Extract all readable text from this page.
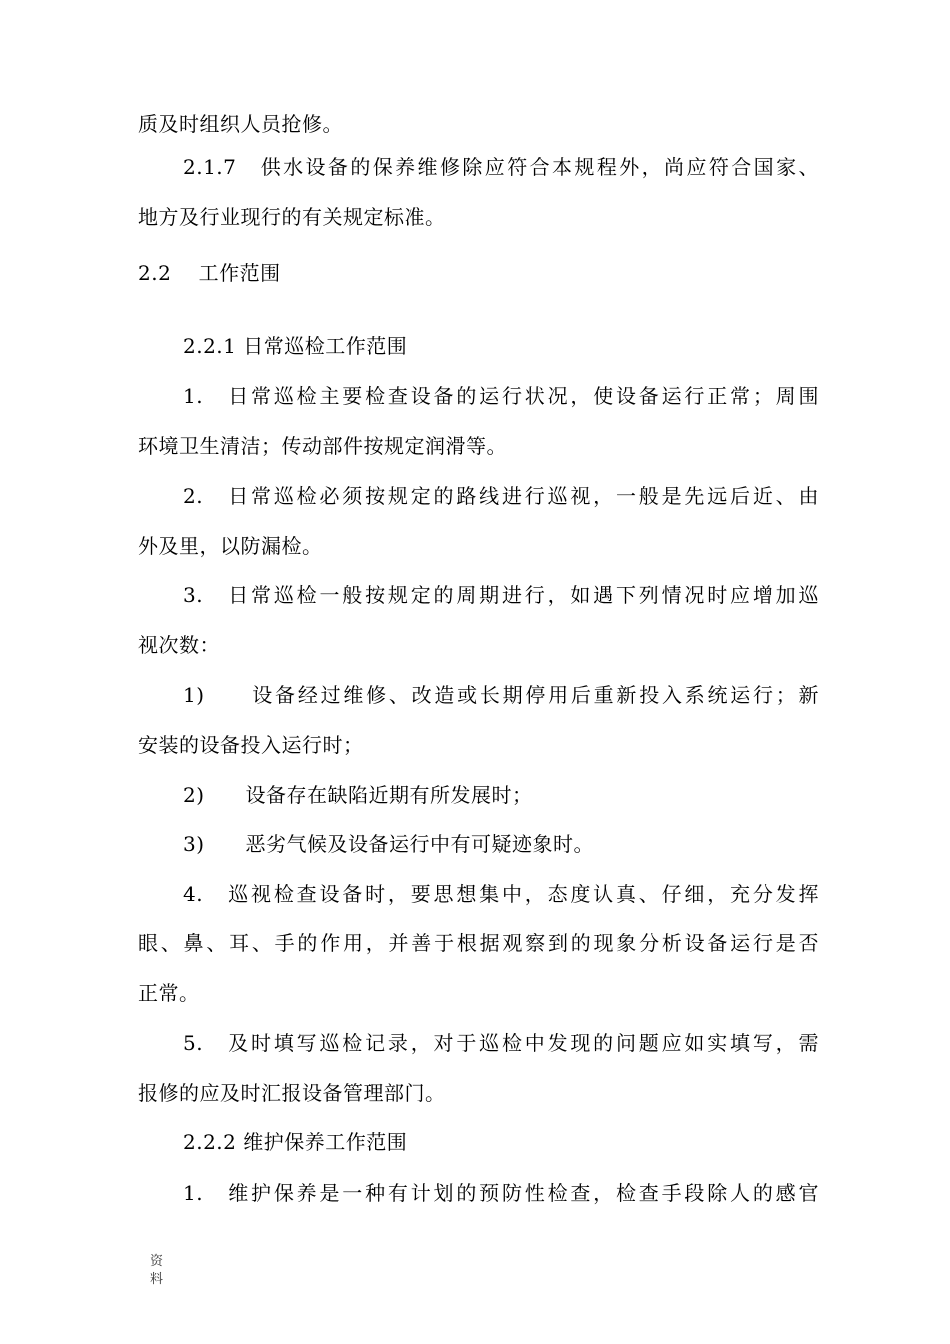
质及时组织人员抢修。
2.1.7　供水设备的保养维修除应符合本规程外，尚应符合国家、
地方及行业现行的有关规定标准。
2.2　 工作范围
2.2.1 日常巡检工作范围
1.　日常巡检主要检查设备的运行状况，使设备运行正常；周围
环境卫生清洁；传动部件按规定润滑等。
2.　日常巡检必须按规定的路线进行巡视，一般是先远后近、由
外及里，以防漏检。
3.　日常巡检一般按规定的周期进行，如遇下列情况时应增加巡
视次数：
1)　　设备经过维修、改造或长期停用后重新投入系统运行；新
安装的设备投入运行时；
2)　　设备存在缺陷近期有所发展时；
3)　　恶劣气候及设备运行中有可疑迹象时。
4.　巡视检查设备时，要思想集中，态度认真、仔细，充分发挥
眼、鼻、耳、手的作用，并善于根据观察到的现象分析设备运行是否
正常。
5.　及时填写巡检记录，对于巡检中发现的问题应如实填写，需
报修的应及时汇报设备管理部门。
2.2.2 维护保养工作范围
1.　维护保养是一种有计划的预防性检查，检查手段除人的感官
资
料
